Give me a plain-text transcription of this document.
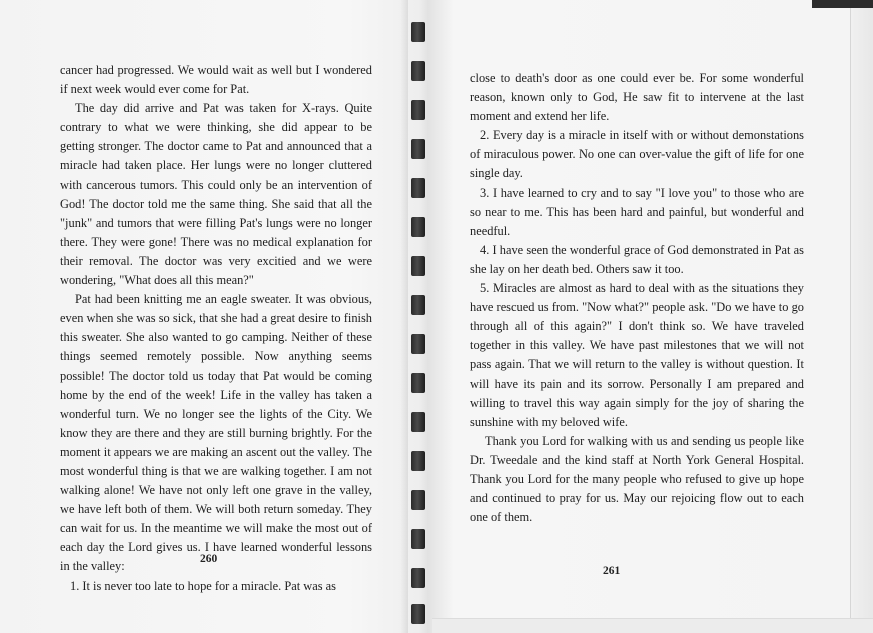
cancer had progressed. We would wait as well but I wondered if next week would ever come for Pat.

The day did arrive and Pat was taken for X-rays. Quite contrary to what we were thinking, she did appear to be getting stronger. The doctor came to Pat and announced that a miracle had taken place. Her lungs were no longer cluttered with cancerous tumors. This could only be an intervention of God! The doctor told me the same thing. She said that all the "junk" and tumors that were filling Pat's lungs were no longer there. They were gone! There was no medical explanation for their removal. The doctor was very excitied and we were wondering, "What does all this mean?"

Pat had been knitting me an eagle sweater. It was obvious, even when she was so sick, that she had a great desire to finish this sweater. She also wanted to go camping. Neither of these things seemed remotely possible. Now anything seems possible! The doctor told us today that Pat would be coming home by the end of the week! Life in the valley has taken a wonderful turn. We no longer see the lights of the City. We know they are there and they are still burning brightly. For the moment it appears we are making an ascent out the valley. The most wonderful thing is that we are walking together. I am not walking alone! We have not only left one grave in the valley, we have left both of them. We will both return someday. They can wait for us. In the meantime we will make the most out of each day the Lord gives us. I have learned wonderful lessons in the valley:

1. It is never too late to hope for a miracle. Pat was as

260

close to death's door as one could ever be. For some wonderful reason, known only to God, He saw fit to intervene at the last moment and extend her life.

2. Every day is a miracle in itself with or without demonstations of miraculous power. No one can over-value the gift of life for one single day.

3. I have learned to cry and to say "I love you" to those who are so near to me. This has been hard and painful, but wonderful and needful.

4. I have seen the wonderful grace of God demonstrated in Pat as she lay on her death bed. Others saw it too.

5. Miracles are almost as hard to deal with as the situations they have rescued us from. "Now what?" people ask. "Do we have to go through all of this again?" I don't think so. We have traveled together in this valley. We have past milestones that we will not pass again. That we will return to the valley is without question. It will have its pain and its sorrow. Personally I am prepared and willing to travel this way again simply for the joy of sharing the sunshine with my beloved wife.

Thank you Lord for walking with us and sending us people like Dr. Tweedale and the kind staff at North York General Hospital. Thank you Lord for the many people who refused to give up hope and continued to pray for us. May our rejoicing flow out to each one of them.

261
